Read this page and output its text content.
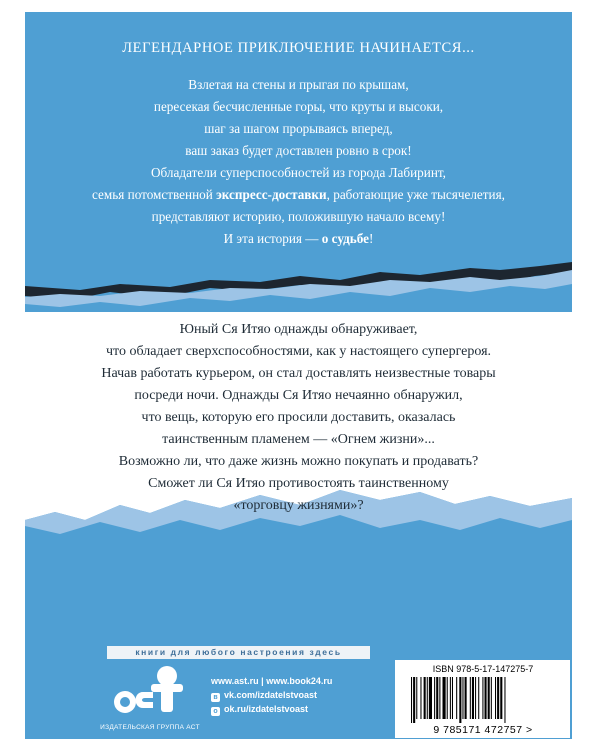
ЛЕГЕНДАРНОЕ ПРИКЛЮЧЕНИЕ НАЧИНАЕТСЯ...
Взлетая на стены и прыгая по крышам,
пересекая бесчисленные горы, что круты и высоки,
шаг за шагом прорываясь вперед,
ваш заказ будет доставлен ровно в срок!
Обладатели суперспособностей из города Лабиринт,
семья потомственной экспресс-доставки, работающие уже тысячелетия,
представляют историю, положившую начало всему!
И эта история — о судьбе!
Юный Ся Итяо однажды обнаруживает,
что обладает сверхспособностями, как у настоящего супергероя.
Начав работать курьером, он стал доставлять неизвестные товары
посреди ночи. Однажды Ся Итяо нечаянно обнаружил,
что вещь, которую его просили доставить, оказалась
таинственным пламенем — «Огнем жизни»...
Возможно ли, что даже жизнь можно покупать и продавать?
Сможет ли Ся Итяо противостоять таинственному
«торговцу жизнями»?
книги для любого настроения здесь
ИЗДАТЕЛЬСКАЯ ГРУППА АСТ
www.ast.ru | www.book24.ru
в vk.com/izdatelstvoast
о ok.ru/izdatelstvoast
ISBN 978-5-17-147275-7
9 785171 472757 >
